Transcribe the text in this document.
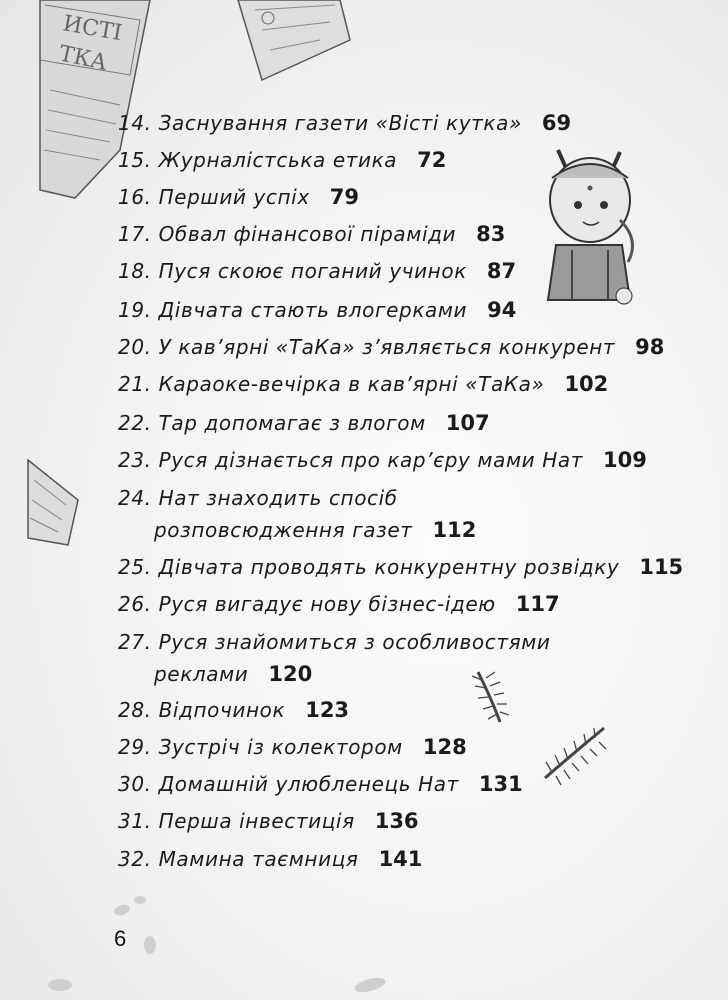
ИСТІ
ТКА
14. Заснування газети «Вісті кутка» 69
15. Журналістська етика 72
16. Перший успіх 79
17. Обвал фінансової піраміди 83
18. Пуся скоює поганий учинок 87
19. Дівчата стають влогерками 94
20. У кав’ярні «ТаКа» з’являється конкурент 98
21. Караоке-вечірка в кав’ярні «ТаКа» 102
22. Тар допомагає з влогом 107
23. Руся дізнається про кар’єру мами Нат 109
24. Нат знаходить спосіб
розповсюдження газет 112
25. Дівчата проводять конкурентну розвідку 115
26. Руся вигадує нову бізнес-ідею 117
27. Руся знайомиться з особливостями
реклами 120
28. Відпочинок 123
29. Зустріч із колектором 128
30. Домашній улюбленець Нат 131
31. Перша інвестиція 136
32. Мамина таємниця 141
6
